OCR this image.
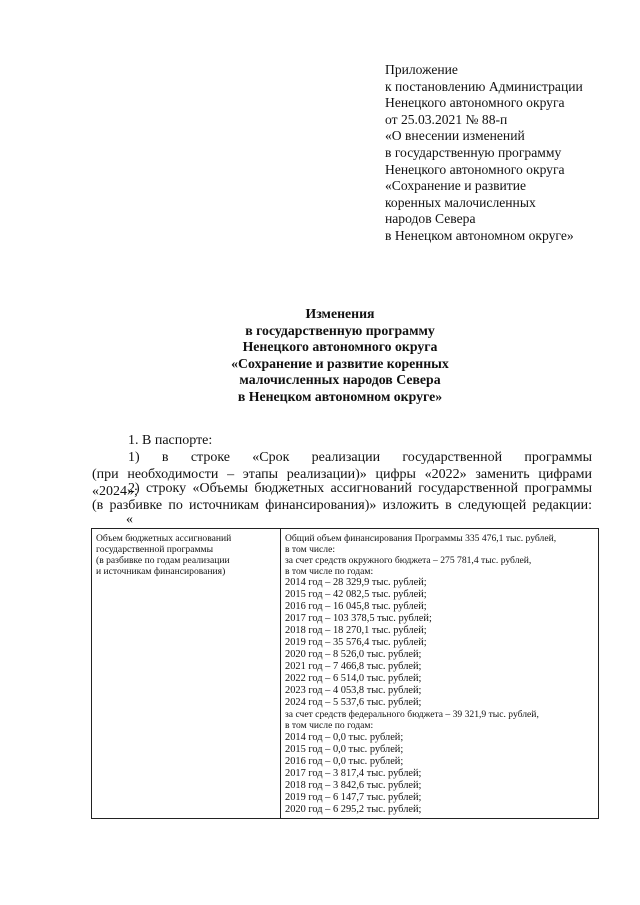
Приложение
к постановлению Администрации
Ненецкого автономного округа
от 25.03.2021 № 88-п
«О внесении изменений
в государственную программу
Ненецкого автономного округа
«Сохранение и развитие
коренных малочисленных
народов Севера
в Ненецком автономном округе»
Изменения
в государственную программу
Ненецкого автономного округа
«Сохранение и развитие коренных
малочисленных народов Севера
в Ненецком автономном округе»
1. В паспорте:
1) в строке «Срок реализации государственной программы
(при необходимости – этапы реализации)» цифры «2022» заменить цифрами «2024»;
2) строку «Объемы бюджетных ассигнований государственной программы
(в разбивке по источникам финансирования)» изложить в следующей редакции:
«
Объем бюджетных ассигнований
государственной программы
(в разбивке по годам реализации
и источникам финансирования)

Общий объем финансирования Программы 335 476,1 тыс. рублей,
в том числе:
за счет средств окружного бюджета – 275 781,4 тыс. рублей,
в том числе по годам:
2014 год – 28 329,9 тыс. рублей;
2015 год – 42 082,5 тыс. рублей;
2016 год – 16 045,8 тыс. рублей;
2017 год – 103 378,5 тыс. рублей;
2018 год – 18 270,1 тыс. рублей;
2019 год – 35 576,4 тыс. рублей;
2020 год – 8 526,0 тыс. рублей;
2021 год – 7 466,8 тыс. рублей;
2022 год – 6 514,0 тыс. рублей;
2023 год – 4 053,8 тыс. рублей;
2024 год – 5 537,6 тыс. рублей;
за счет средств федерального бюджета – 39 321,9 тыс. рублей,
в том числе по годам:
2014 год – 0,0 тыс. рублей;
2015 год – 0,0 тыс. рублей;
2016 год – 0,0 тыс. рублей;
2017 год – 3 817,4 тыс. рублей;
2018 год – 3 842,6 тыс. рублей;
2019 год – 6 147,7 тыс. рублей;
2020 год – 6 295,2 тыс. рублей;
